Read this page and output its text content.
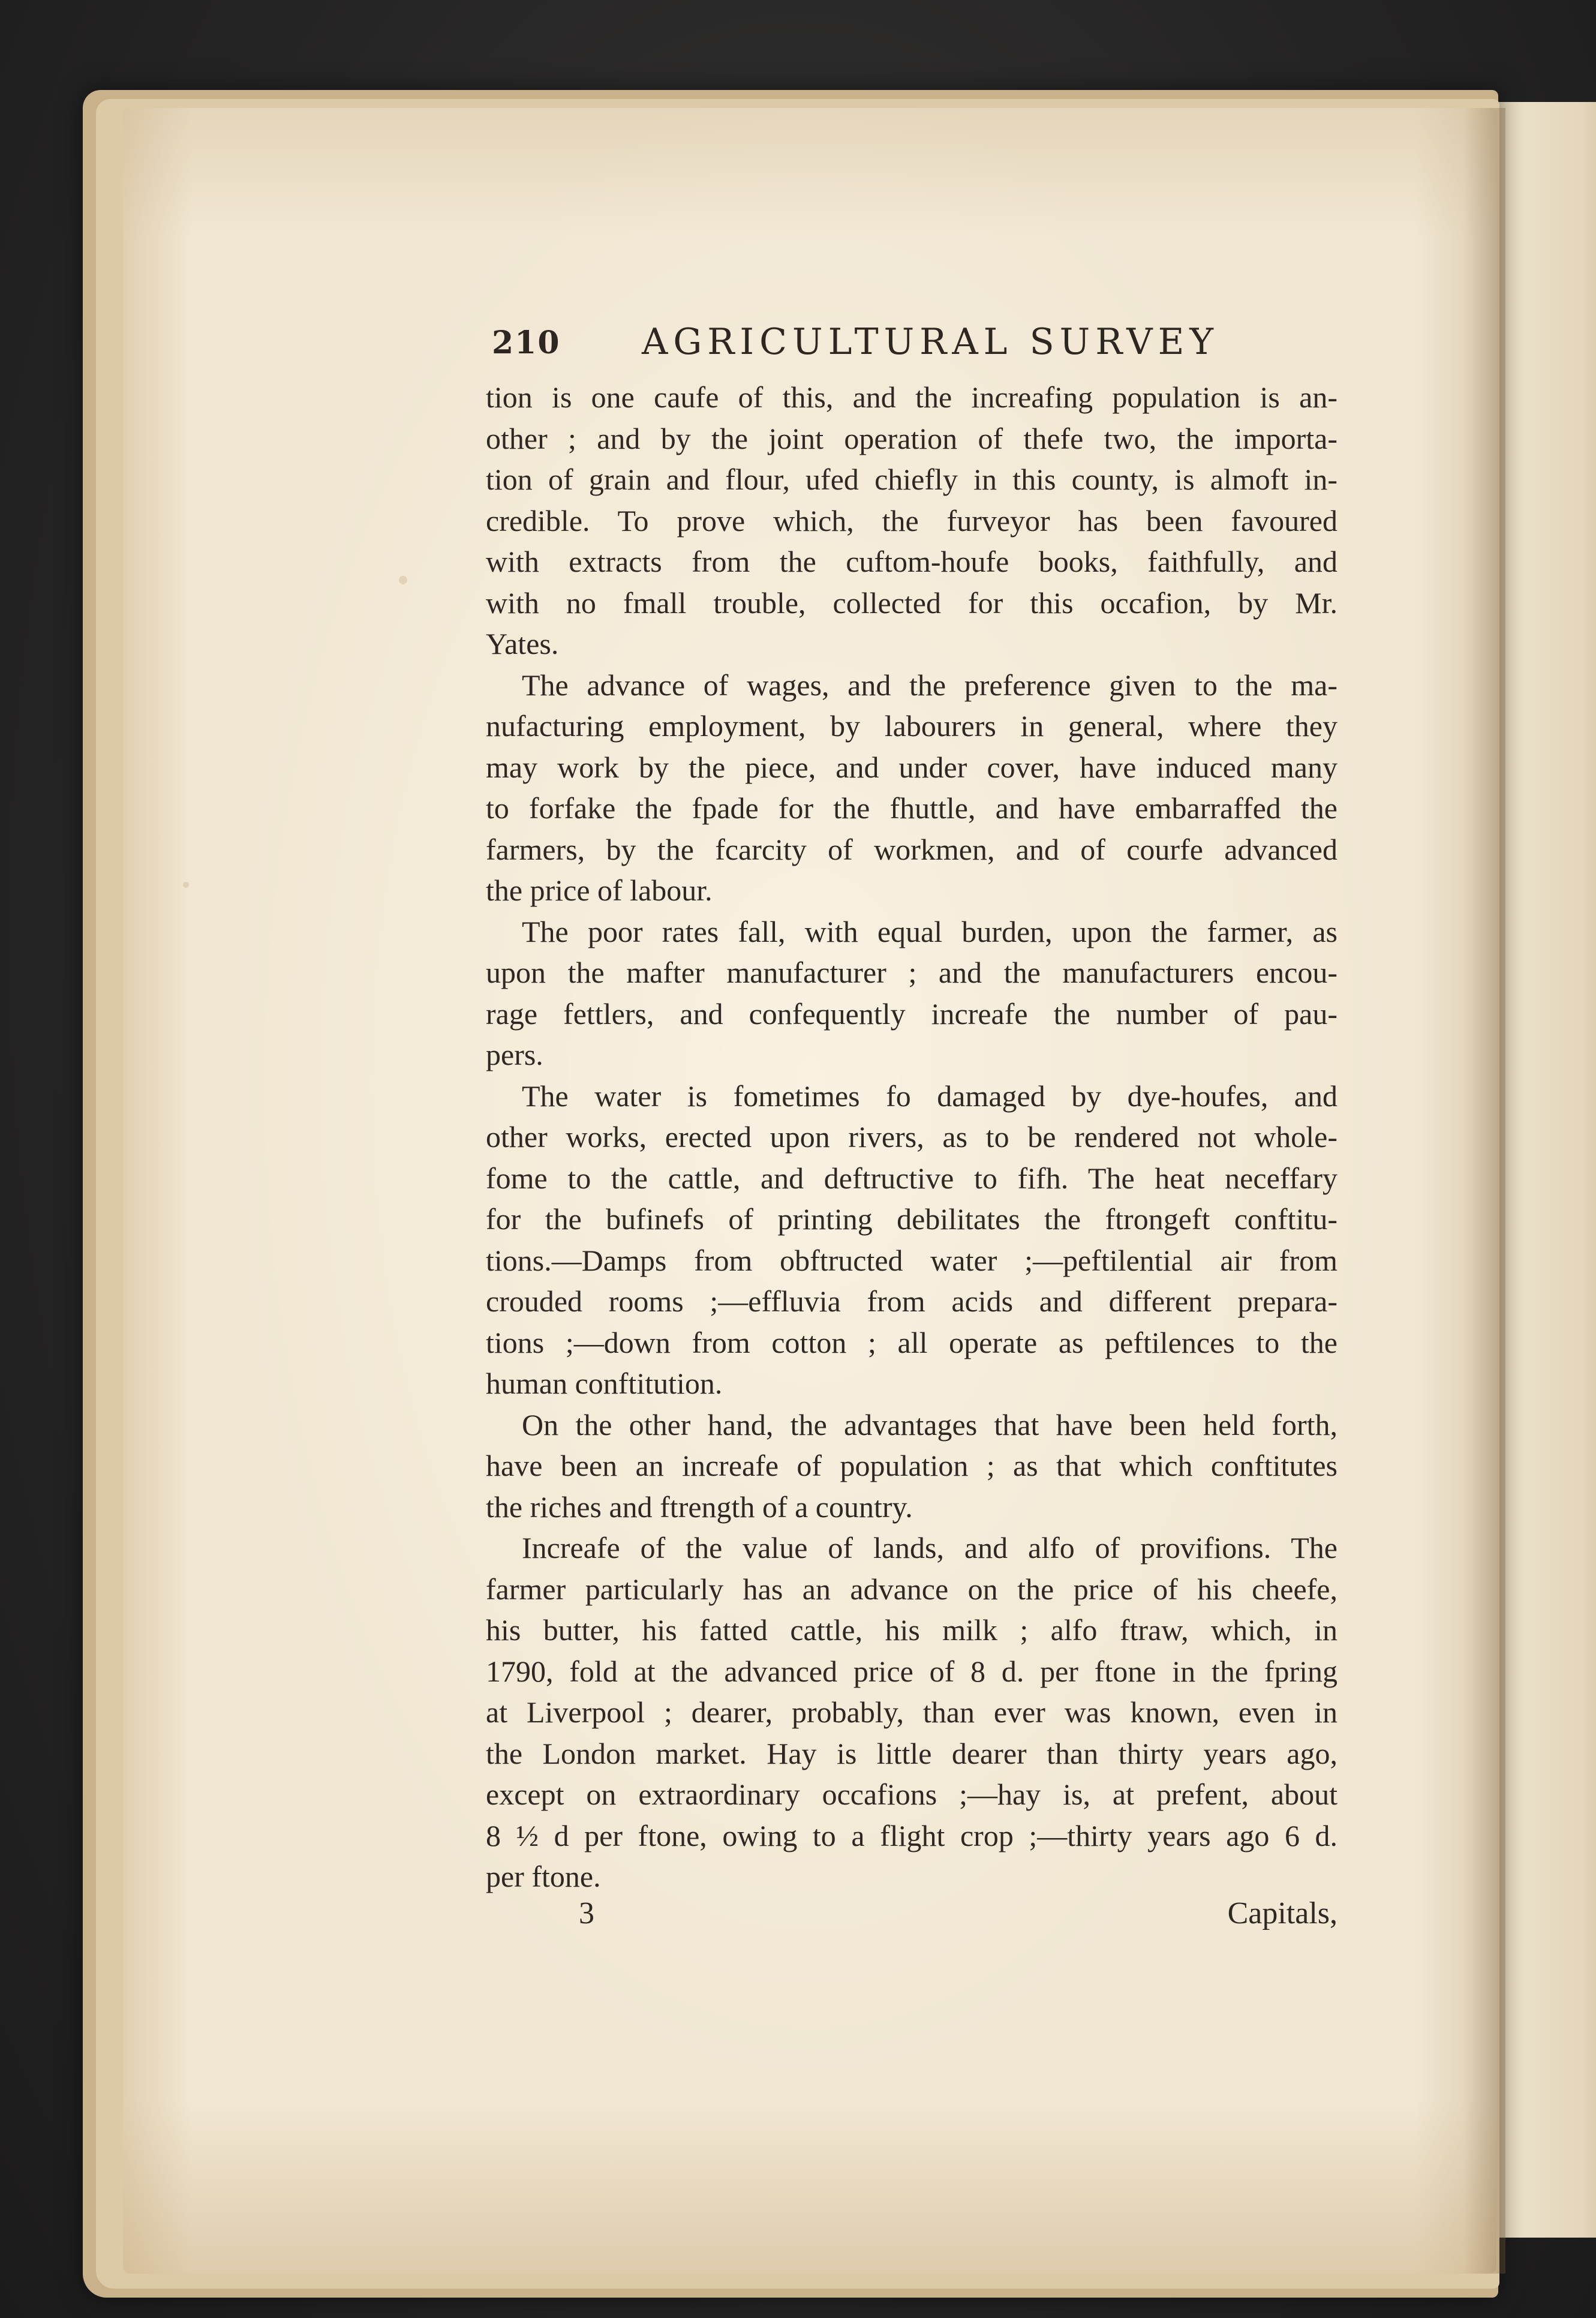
210 AGRICULTURAL SURVEY
tion is one caufe of this, and the increafing population is an-
other ; and by the joint operation of thefe two, the importa-
tion of grain and flour, ufed chiefly in this county, is almoft in-
credible. To prove which, the furveyor has been favoured
with extracts from the cuftom-houfe books, faithfully, and
with no fmall trouble, collected for this occafion, by Mr.
Yates.
The advance of wages, and the preference given to the ma-
nufacturing employment, by labourers in general, where they
may work by the piece, and under cover, have induced many
to forfake the fpade for the fhuttle, and have embarraffed the
farmers, by the fcarcity of workmen, and of courfe advanced
the price of labour.
The poor rates fall, with equal burden, upon the farmer, as
upon the mafter manufacturer ; and the manufacturers encou-
rage fettlers, and confequently increafe the number of pau-
pers.
The water is fometimes fo damaged by dye-houfes, and
other works, erected upon rivers, as to be rendered not whole-
fome to the cattle, and deftructive to fifh. The heat neceffary
for the bufinefs of printing debilitates the ftrongeft conftitu-
tions.—Damps from obftructed water ;—peftilential air from
crouded rooms ;—effluvia from acids and different prepara-
tions ;—down from cotton ; all operate as peftilences to the
human conftitution.
On the other hand, the advantages that have been held forth,
have been an increafe of population ; as that which conftitutes
the riches and ftrength of a country.
Increafe of the value of lands, and alfo of provifions. The
farmer particularly has an advance on the price of his cheefe,
his butter, his fatted cattle, his milk ; alfo ftraw, which, in
1790, fold at the advanced price of 8 d. per ftone in the fpring
at Liverpool ; dearer, probably, than ever was known, even in
the London market. Hay is little dearer than thirty years ago,
except on extraordinary occafions ;—hay is, at prefent, about
8 ½ d per ftone, owing to a flight crop ;—thirty years ago 6 d.
per ftone.
3	Capitals,
